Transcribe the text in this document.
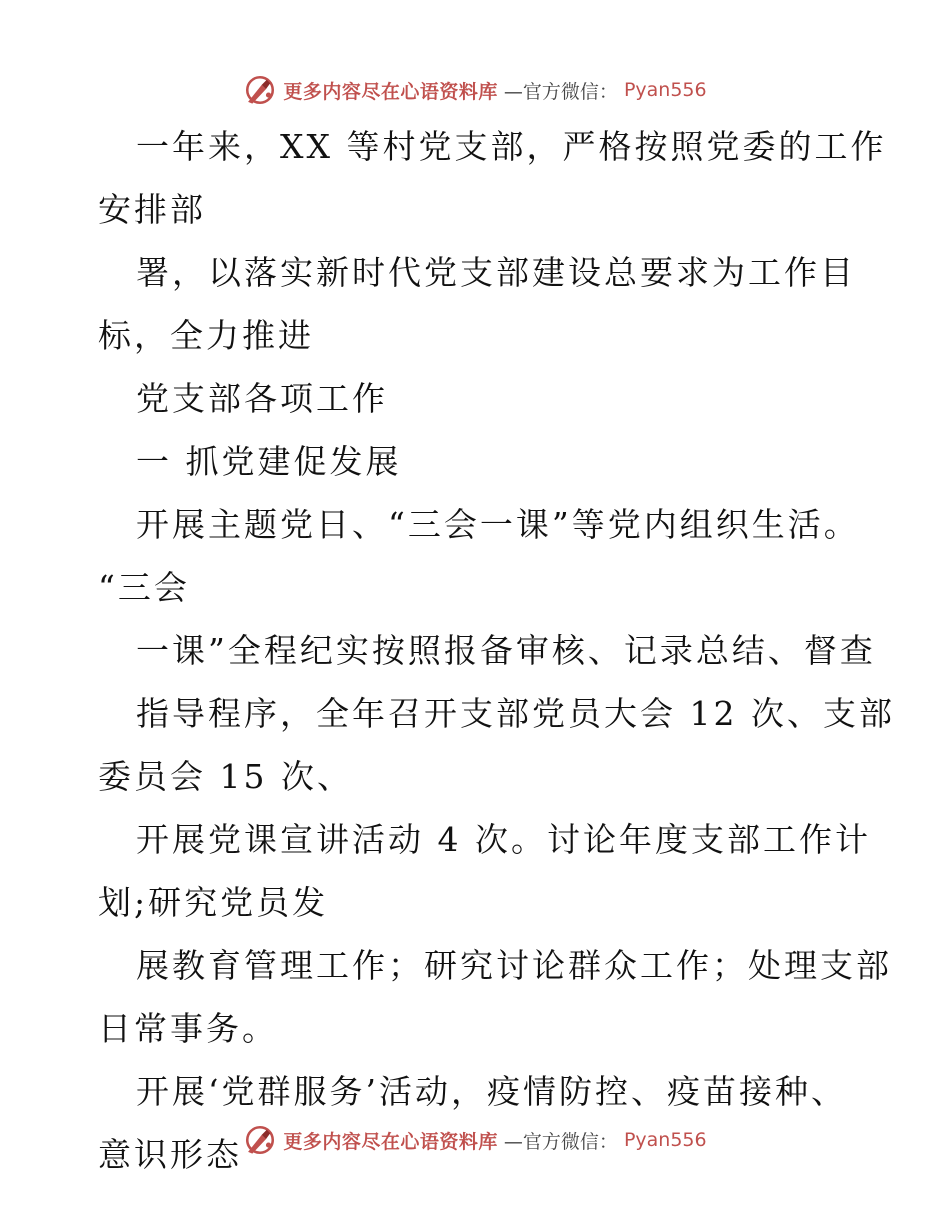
更多内容尽在心语资料库 —官方微信： Pyan556

一年来，XX 等村党支部，严格按照党委的工作
安排部

署，以落实新时代党支部建设总要求为工作目
标，全力推进

党支部各项工作

一 抓党建促发展

开展主题党日、“三会一课”等党内组织生活。
“三会

一课”全程纪实按照报备审核、记录总结、督查

指导程序，全年召开支部党员大会 12 次、支部
委员会 15 次、

开展党课宣讲活动 4 次。讨论年度支部工作计
划;研究党员发

展教育管理工作；研究讨论群众工作；处理支部
日常事务。

开展‘党群服务’活动，疫情防控、疫苗接种、
意识形态	更多内容尽在心语资料库 —官方微信： Pyan556
